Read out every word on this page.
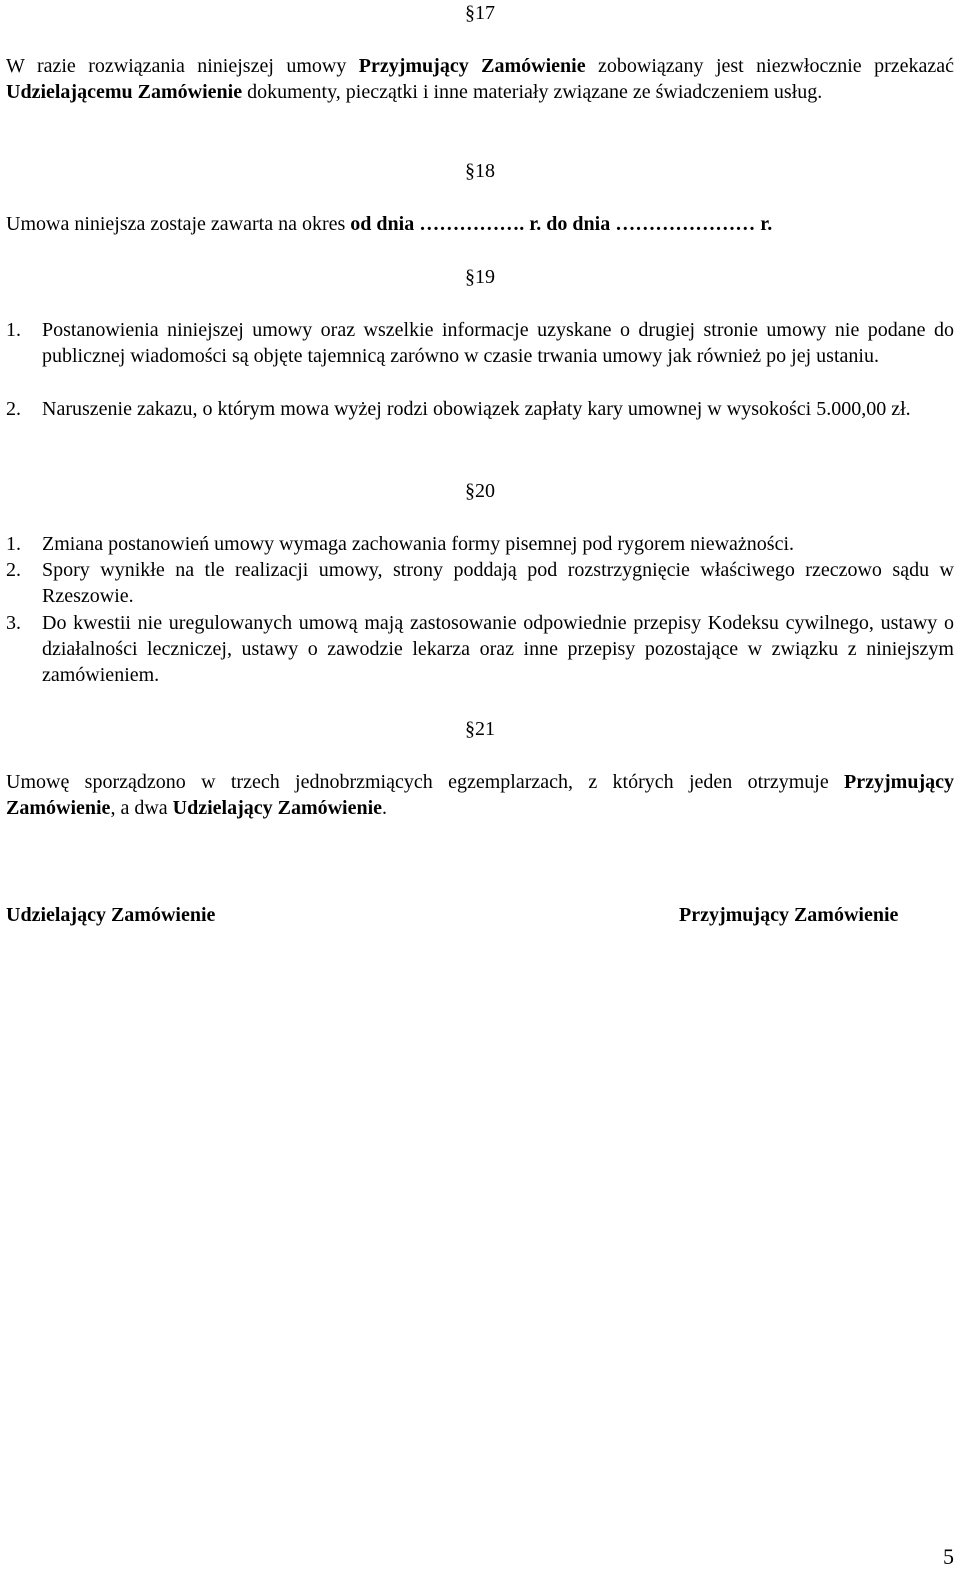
§17
W razie rozwiązania niniejszej umowy Przyjmujący Zamówienie zobowiązany jest niezwłocznie przekazać Udzielającemu Zamówienie dokumenty, pieczątki i inne materiały związane ze świadczeniem usług.
§18
Umowa niniejsza zostaje zawarta na okres od dnia ……………. r. do dnia ………………… r.
§19
1.	Postanowienia niniejszej umowy oraz wszelkie informacje uzyskane o drugiej stronie umowy nie podane do publicznej wiadomości są objęte tajemnicą zarówno w czasie trwania umowy jak również po jej ustaniu.
2.	Naruszenie zakazu, o którym mowa wyżej rodzi obowiązek zapłaty kary umownej w wysokości 5.000,00 zł.
§20
1.	Zmiana postanowień umowy wymaga zachowania formy pisemnej pod rygorem nieważności.
2.	Spory wynikłe na tle realizacji umowy, strony poddają pod rozstrzygnięcie właściwego rzeczowo sądu w Rzeszowie.
3.	Do kwestii nie uregulowanych umową mają zastosowanie odpowiednie przepisy Kodeksu cywilnego, ustawy o działalności leczniczej, ustawy o zawodzie lekarza oraz inne przepisy pozostające w związku z niniejszym zamówieniem.
§21
Umowę sporządzono w trzech jednobrzmiących egzemplarzach, z których jeden otrzymuje Przyjmujący Zamówienie, a dwa Udzielający Zamówienie.
Udzielający Zamówienie	Przyjmujący Zamówienie
5
